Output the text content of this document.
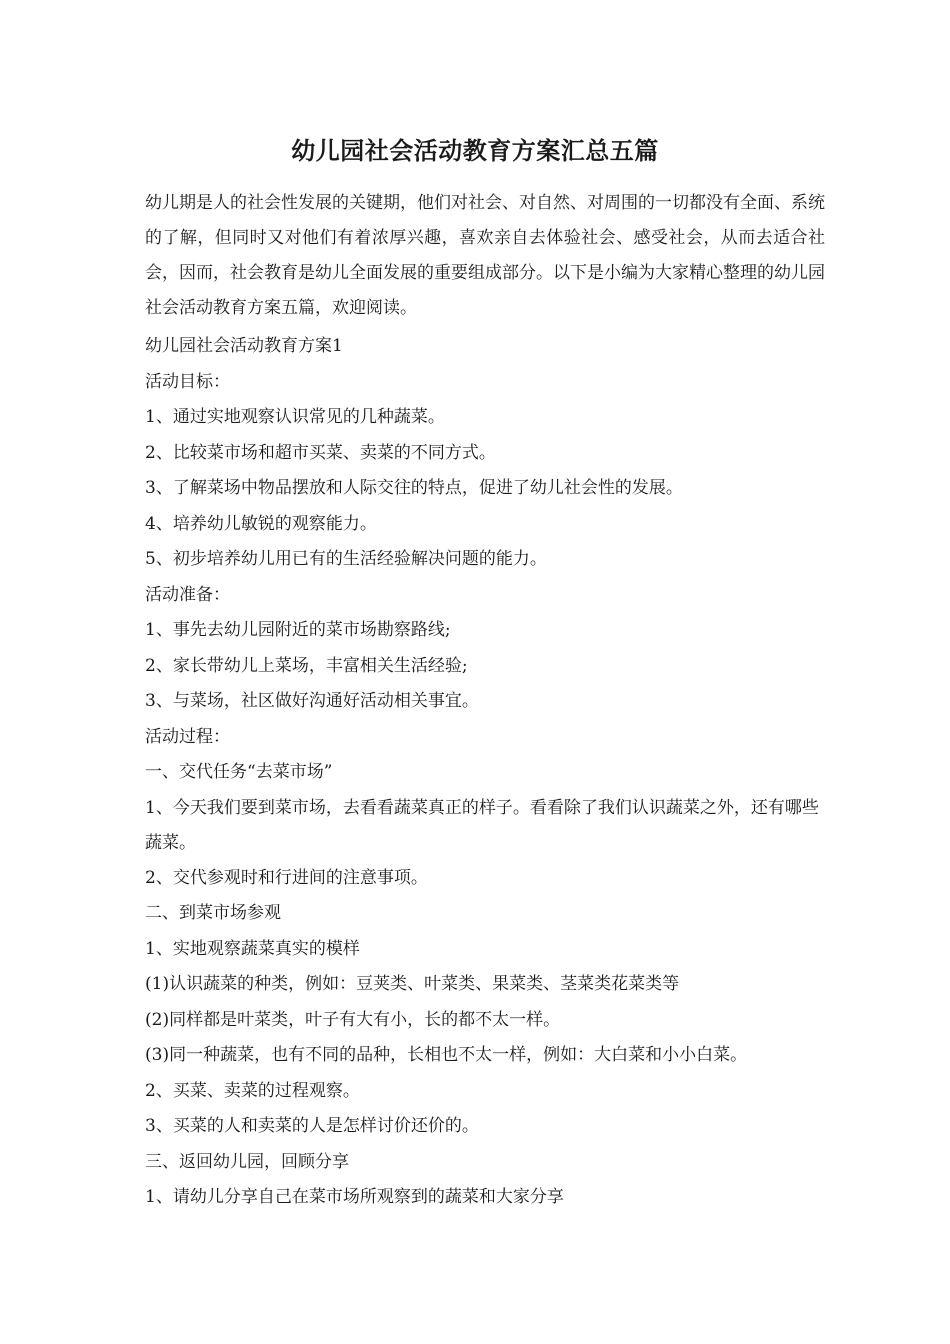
幼儿园社会活动教育方案汇总五篇

幼儿期是人的社会性发展的关键期，他们对社会、对自然、对周围的一切都没有全面、系统的了解，但同时又对他们有着浓厚兴趣，喜欢亲自去体验社会、感受社会，从而去适合社会，因而，社会教育是幼儿全面发展的重要组成部分。以下是小编为大家精心整理的幼儿园社会活动教育方案五篇，欢迎阅读。

幼儿园社会活动教育方案1

活动目标：

1、通过实地观察认识常见的几种蔬菜。

2、比较菜市场和超市买菜、卖菜的不同方式。

3、了解菜场中物品摆放和人际交往的特点，促进了幼儿社会性的发展。

4、培养幼儿敏锐的观察能力。

5、初步培养幼儿用已有的生活经验解决问题的能力。

活动准备：

1、事先去幼儿园附近的菜市场勘察路线;

2、家长带幼儿上菜场，丰富相关生活经验;

3、与菜场，社区做好沟通好活动相关事宜。

活动过程：

一、交代任务“去菜市场”

1、今天我们要到菜市场，去看看蔬菜真正的样子。看看除了我们认识蔬菜之外，还有哪些蔬菜。

2、交代参观时和行进间的注意事项。

二、到菜市场参观

1、实地观察蔬菜真实的模样

(1)认识蔬菜的种类，例如：豆荚类、叶菜类、果菜类、茎菜类花菜类等

(2)同样都是叶菜类，叶子有大有小，长的都不太一样。

(3)同一种蔬菜，也有不同的品种，长相也不太一样，例如：大白菜和小小白菜。

2、买菜、卖菜的过程观察。

3、买菜的人和卖菜的人是怎样讨价还价的。

三、返回幼儿园，回顾分享

1、请幼儿分享自己在菜市场所观察到的蔬菜和大家分享
